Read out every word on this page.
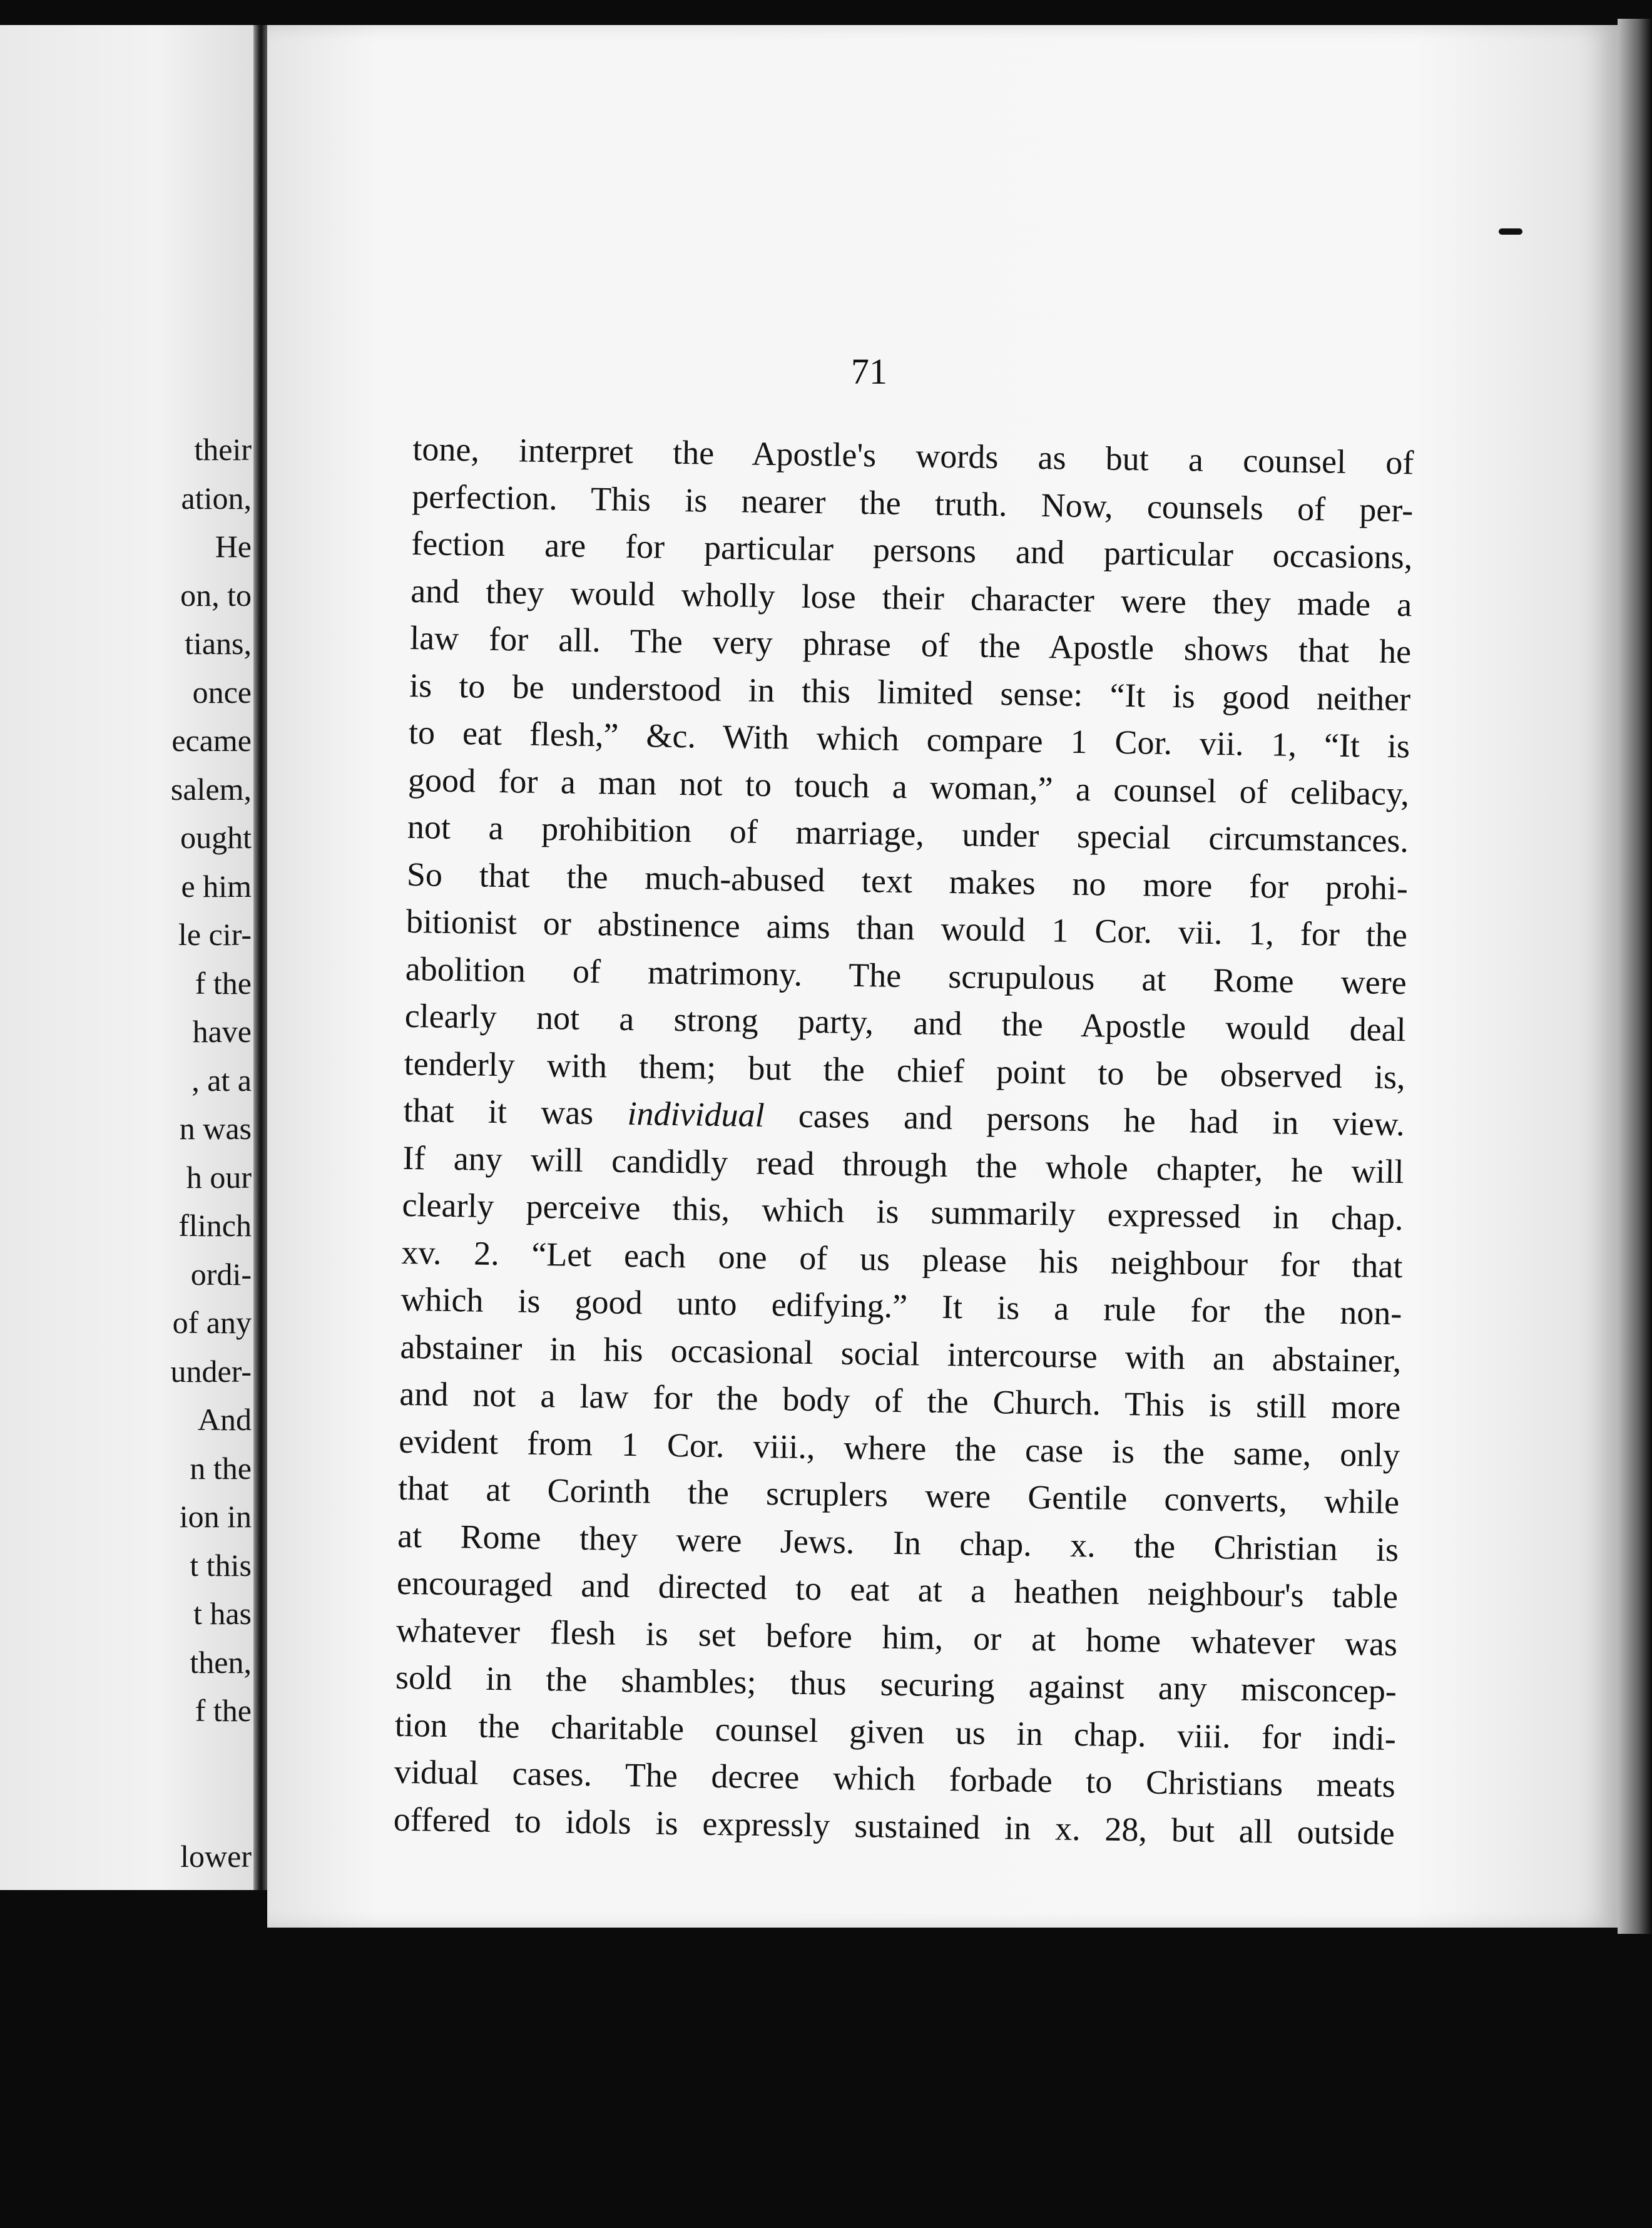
their
ation,
He
on, to
tians,
once
ecame
salem,
ought
e him
le cir-
f the
have
, at a
n was
h our
flinch
ordi-
of any
under-
And
n the
ion in
t this
t has
then,
f the
lower
71
tone, interpret the Apostle's words as but a counsel of
perfection. This is nearer the truth. Now, counsels of per-
fection are for particular persons and particular occasions,
and they would wholly lose their character were they made a
law for all. The very phrase of the Apostle shows that he
is to be understood in this limited sense: “It is good neither
to eat flesh,” &c. With which compare 1 Cor. vii. 1, “It is
good for a man not to touch a woman,” a counsel of celibacy,
not a prohibition of marriage, under special circumstances.
So that the much-abused text makes no more for prohi-
bitionist or abstinence aims than would 1 Cor. vii. 1, for the
abolition of matrimony. The scrupulous at Rome were
clearly not a strong party, and the Apostle would deal
tenderly with them; but the chief point to be observed is,
that it was individual cases and persons he had in view.
If any will candidly read through the whole chapter, he will
clearly perceive this, which is summarily expressed in chap.
xv. 2. “Let each one of us please his neighbour for that
which is good unto edifying.” It is a rule for the non-
abstainer in his occasional social intercourse with an abstainer,
and not a law for the body of the Church. This is still more
evident from 1 Cor. viii., where the case is the same, only
that at Corinth the scruplers were Gentile converts, while
at Rome they were Jews. In chap. x. the Christian is
encouraged and directed to eat at a heathen neighbour's table
whatever flesh is set before him, or at home whatever was
sold in the shambles; thus securing against any misconcep-
tion the charitable counsel given us in chap. viii. for indi-
vidual cases. The decree which forbade to Christians meats
offered to idols is expressly sustained in x. 28, but all outside
